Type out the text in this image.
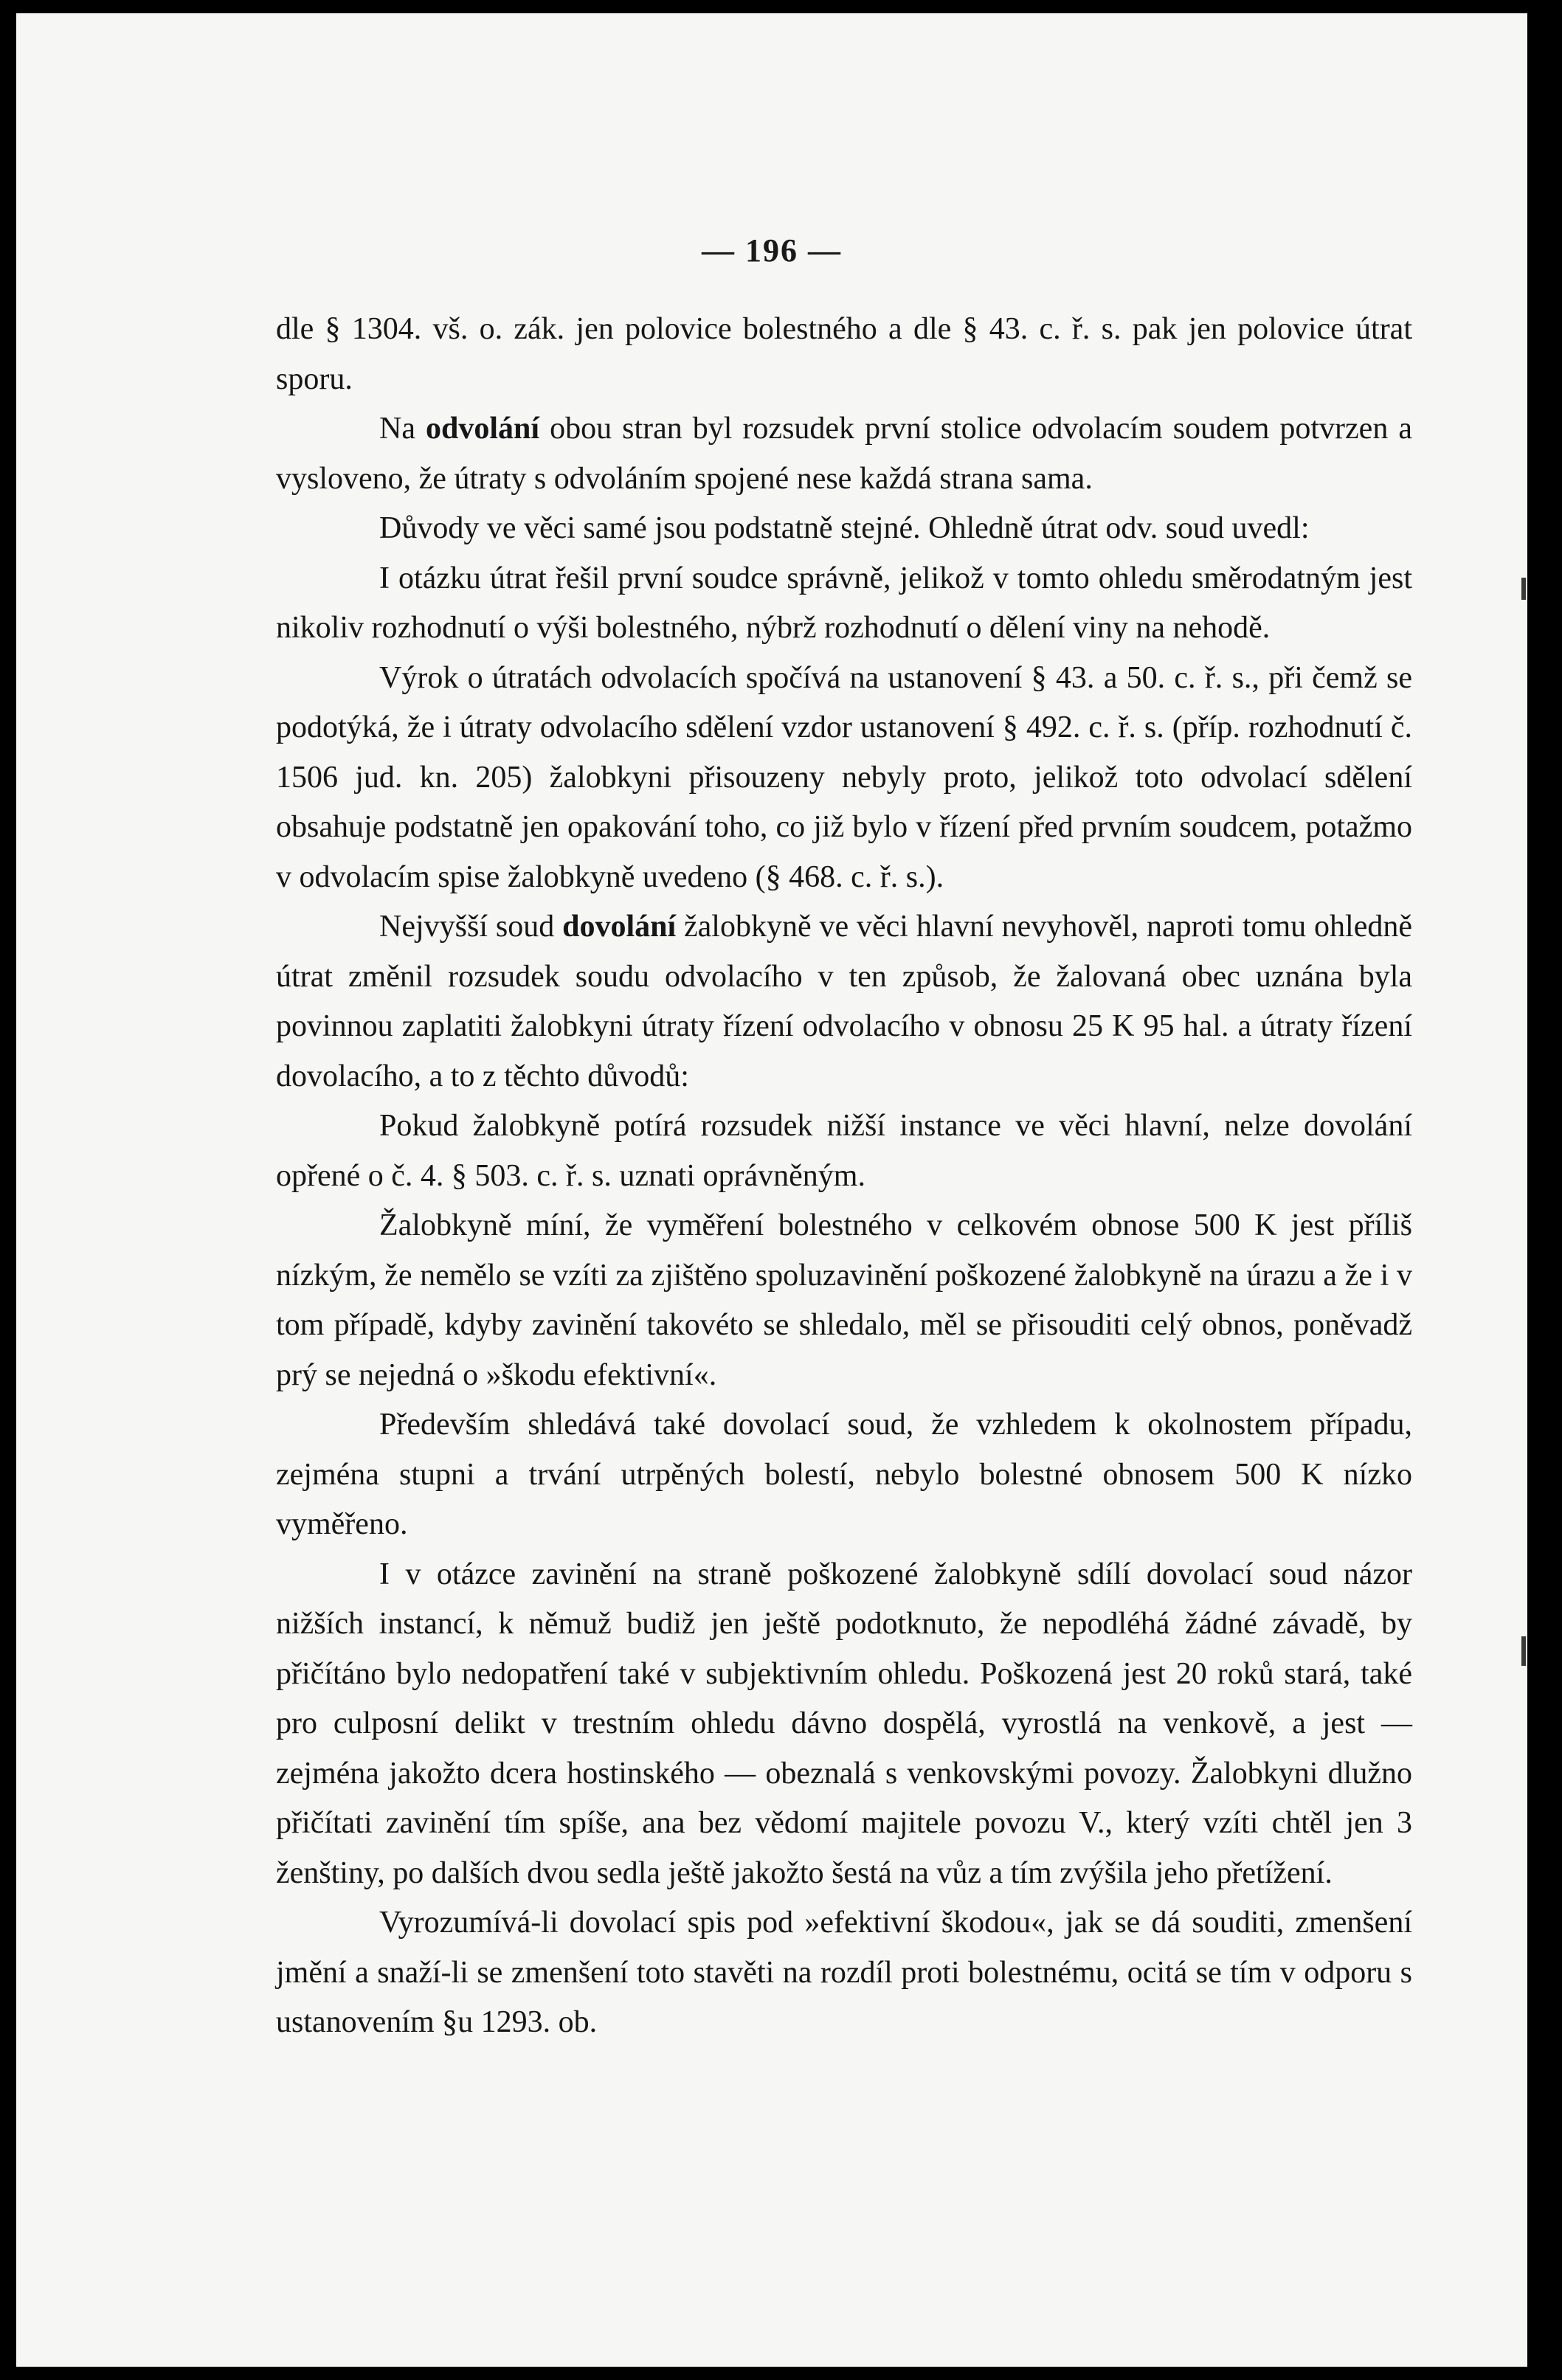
— 196 —

dle § 1304. vš. o. zák. jen polovice bolestného a dle § 43. c. ř. s. pak jen polovice útrat sporu.

Na odvolání obou stran byl rozsudek první stolice odvolacím soudem potvrzen a vysloveno, že útraty s odvoláním spojené nese každá strana sama.

Důvody ve věci samé jsou podstatně stejné. Ohledně útrat odv. soud uvedl:

I otázku útrat řešil první soudce správně, jelikož v tomto ohledu směrodatným jest nikoliv rozhodnutí o výši bolestného, nýbrž rozhodnutí o dělení viny na nehodě.

Výrok o útratách odvolacích spočívá na ustanovení § 43. a 50. c. ř. s., při čemž se podotýká, že i útraty odvolacího sdělení vzdor ustanovení § 492. c. ř. s. (příp. rozhodnutí č. 1506 jud. kn. 205) žalobkyni přisouzeny nebyly proto, jelikož toto odvolací sdělení obsahuje podstatně jen opakování toho, co již bylo v řízení před prvním soudcem, potažmo v odvolacím spise žalobkyně uvedeno (§ 468. c. ř. s.).

Nejvyšší soud dovolání žalobkyně ve věci hlavní nevyhověl, naproti tomu ohledně útrat změnil rozsudek soudu odvolacího v ten způsob, že žalovaná obec uznána byla povinnou zaplatiti žalobkyni útraty řízení odvolacího v obnosu 25 K 95 hal. a útraty řízení dovolacího, a to z těchto důvodů:

Pokud žalobkyně potírá rozsudek nižší instance ve věci hlavní, nelze dovolání opřené o č. 4. § 503. c. ř. s. uznati oprávněným.

Žalobkyně míní, že vyměření bolestného v celkovém obnose 500 K jest příliš nízkým, že nemělo se vzíti za zjištěno spoluzavinění poškozené žalobkyně na úrazu a že i v tom případě, kdyby zavinění takovéto se shledalo, měl se přisouditi celý obnos, poněvadž prý se nejedná o »škodu efektivní«.

Především shledává také dovolací soud, že vzhledem k okolnostem případu, zejména stupni a trvání utrpěných bolestí, nebylo bolestné obnosem 500 K nízko vyměřeno.

I v otázce zavinění na straně poškozené žalobkyně sdílí dovolací soud názor nižších instancí, k němuž budiž jen ještě podotknuto, že nepodléhá žádné závadě, by přičítáno bylo nedopatření také v subjektivním ohledu. Poškozená jest 20 roků stará, také pro culposní delikt v trestním ohledu dávno dospělá, vyrostlá na venkově, a jest — zejména jakožto dcera hostinského — obeznalá s venkovskými povozy. Žalobkyni dlužno přičítati zavinění tím spíše, ana bez vědomí majitele povozu V., který vzíti chtěl jen 3 ženštiny, po dalších dvou sedla ještě jakožto šestá na vůz a tím zvýšila jeho přetížení.

Vyrozumívá-li dovolací spis pod »efektivní škodou«, jak se dá souditi, zmenšení jmění a snaží-li se zmenšení toto stavěti na rozdíl proti bolestnému, ocitá se tím v odporu s ustanovením §u 1293. ob.
